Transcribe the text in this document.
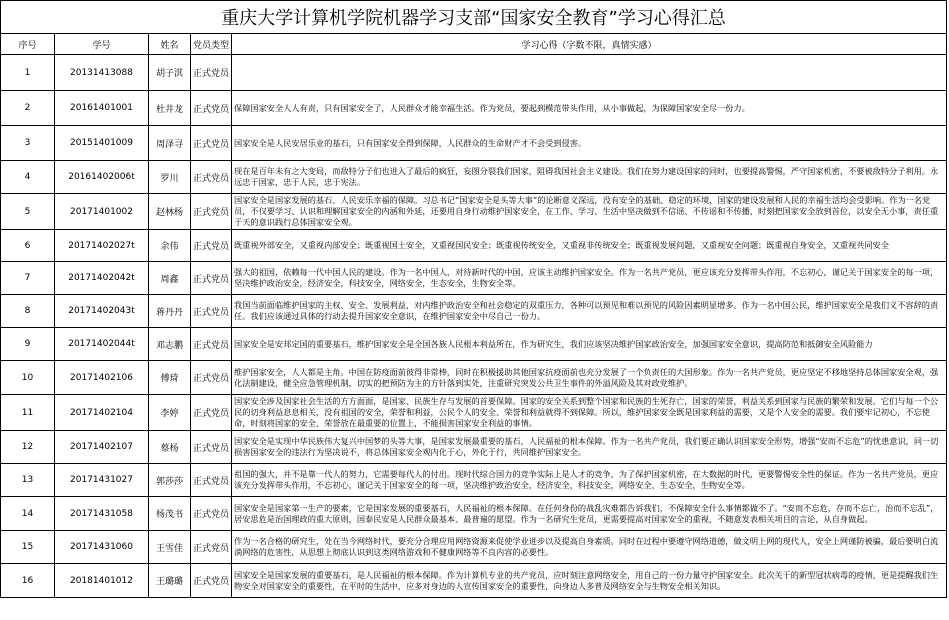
重庆大学计算机学院机器学习支部“国家安全教育”学习心得汇总				
序号	学号	姓名	党员类型	学习心得（字数不限，真情实感）
1	20131413088	胡子淇	正式党员	

2	20161401001	杜井龙	正式党员	保障国家安全人人有责，只有国家安全了，人民群众才能幸福生活。作为党员，要起到模范带头作用，从小事做起，为保障国家安全尽一份力。

3	20151401009	周泽寻	正式党员	国家安全是人民安居乐业的基石，只有国家安全得到保障，人民群众的生命财产才不会受到侵害。

4	20161402006t	罗川	正式党员	现在是百年未有之大变局，而敌特分子们也进入了最后的疯狂，妄图分裂我们国家，阻碍我国社会主义建设。我们在努力建设国家的同时，也要提高警惕，严守国家机密，不要被敌特分子利用。永远忠于国家，忠于人民，忠于宪法。

5	20171401002	赵林杨	正式党员	国家安全是国家发展的基石、人民安乐幸福的保障。习总书记“国家安全是头等大事”的论断意义深远，没有安全的基础、稳定的环境，国家的建设发展和人民的幸福生活均会受影响。作为一名党员，不仅要学习、认识和理解国家安全的内涵和外延，还要用自身行动维护国家安全，在工作、学习、生活中坚决做到不信谣、不传谣和不传播，时刻把国家安全放到首位，以安全无小事，责任重于天的意识践行总体国家安全观。

6	20171402027t	余伟	正式党员	既重视外部安全，又重视内部安全；既重视国土安全，又重视国民安全；既重视传统安全，又重视非传统安全；既重视发展问题，又重视安全问题；既重视自身安全，又重视共同安全

7	20171402042t	周鑫	正式党员	强大的祖国，依赖每一代中国人民的建设。作为一名中国人，对待新时代的中国，应该主动维护国家安全。作为一名共产党员，更应该充分发挥带头作用，不忘初心，谨记关于国家安全的每一项，坚决维护政治安全，经济安全，科技安全，网络安全，生态安全，生物安全等。

8	20171402043t	蒋丹丹	正式党员	我国当前面临维护国家的主权、安全、发展利益，对内维护政治安全和社会稳定的双重压力，各种可以预见和难以预见的风险因素明显增多。作为一名中国公民，维护国家安全是我们义不容辞的责任。我们应该通过具体的行动去提升国家安全意识，在维护国家安全中尽自己一份力。

9	20171402044t	邓志鹏	正式党员	国家安全是安邦定国的重要基石，维护国家安全是全国各族人民根本利益所在，作为研究生，我们应该坚决维护国家政治安全，加强国家安全意识，提高防范和抵御安全风险能力

10	20171402106	傅琦	正式党员	维护国家安全，人人都是主角。中国在防疫面前彼得非常棒，同时在积极援助其他国家抗疫面前也充分发展了一个负责任的大国形象。作为一名共产党员，更应坚定不移地坚持总体国家安全观，强化法制建设，健全应急管理机制，切实的把预防为主的方针落到实处，注重研究突发公共卫生事件的外溢风险及其对政党维护。

11	20171402104	李婷	正式党员	国家安全涉及国家社会生活的方方面面，是国家、民族生存与发展的首要保障。国家的安全关系到整个国家和民族的生死存亡，国家的荣誉，利益关系到国家与民族的繁荣和发展。它们与每一个公民的切身利益息息相关，没有祖国的安全，荣誉和利益，公民个人的安全、荣誉和利益就得不到保障。所以，维护国家安全既是国家利益的需要，又是个人安全的需要。我们要牢记初心，不忘使命，时刻将国家的安全、荣誉放在最重要的位置上，不能损害国家安全利益的事情。

12	20171402107	蔡杨	正式党员	国家安全是实现中华民族伟大复兴中国梦的头等大事，是国家发展最重要的基石，人民福祉的根本保障。作为一名共产党员，我们要正确认识国家安全形势，增强“安而不忘危”的忧患意识，同一切损害国家安全的违法行为坚决说不，将总体国家安全观内化于心，外化于行，共同维护国家安全。

13	20171431027	郭莎莎	正式党员	祖国的强大，并不是靠一代人的努力，它需要每代人的付出。现时代综合国力的竞争实际上是人才的竞争，为了保护国家机密，在大数据的时代，更要警惕安全性的保证。作为一名共产党员，更应该充分发挥带头作用，不忘初心，谨记关于国家安全的每一项，坚决维护政治安全，经济安全，科技安全，网络安全，生态安全，生物安全等。

14	20171431058	杨茂书	正式党员	国家安全是国家第一生产的要素，它是国家发展的重要基石，人民福祉的根本保障。在任何身份的战乱灾难都告诉我们，不保障安全什么事情都做不了。“安而不忘危，存而不忘亡，治而不忘乱”，居安思危是治国理政的重大原则，国泰民安是人民群众最基本、最普遍的愿望。作为一名研究生党员，更需要提高对国家安全的重视，不随意发表相关项目的言论，从自身做起。

15	20171431060	王雪佳	正式党员	作为一名合格的研究生，处在当今网络时代，要充分合理应用网络资源来促使学业进步以及提高自身素质。同时在过程中要遵守网络道德，做文明上网的现代人，安全上网谨防被骗，最后要明白流淌网络的危害性，从思想上彻底认识到这类网络游戏和不健康网络等不良内容的必要性。

16	20181401012	王璐璐	正式党员	国家安全是国家发展的重要基石，是人民福祉的根本保障。作为计算机专业的共产党员，应时刻注意网络安全，用自己的一份力量守护国家安全。此次关于的新型冠状病毒的疫情，更是提醒我们生物安全对国家安全的重要性，在平时的生活中，应多对身边的人宣传国家安全的重要性，向身边人多普及网络安全与生物安全相关知识。
